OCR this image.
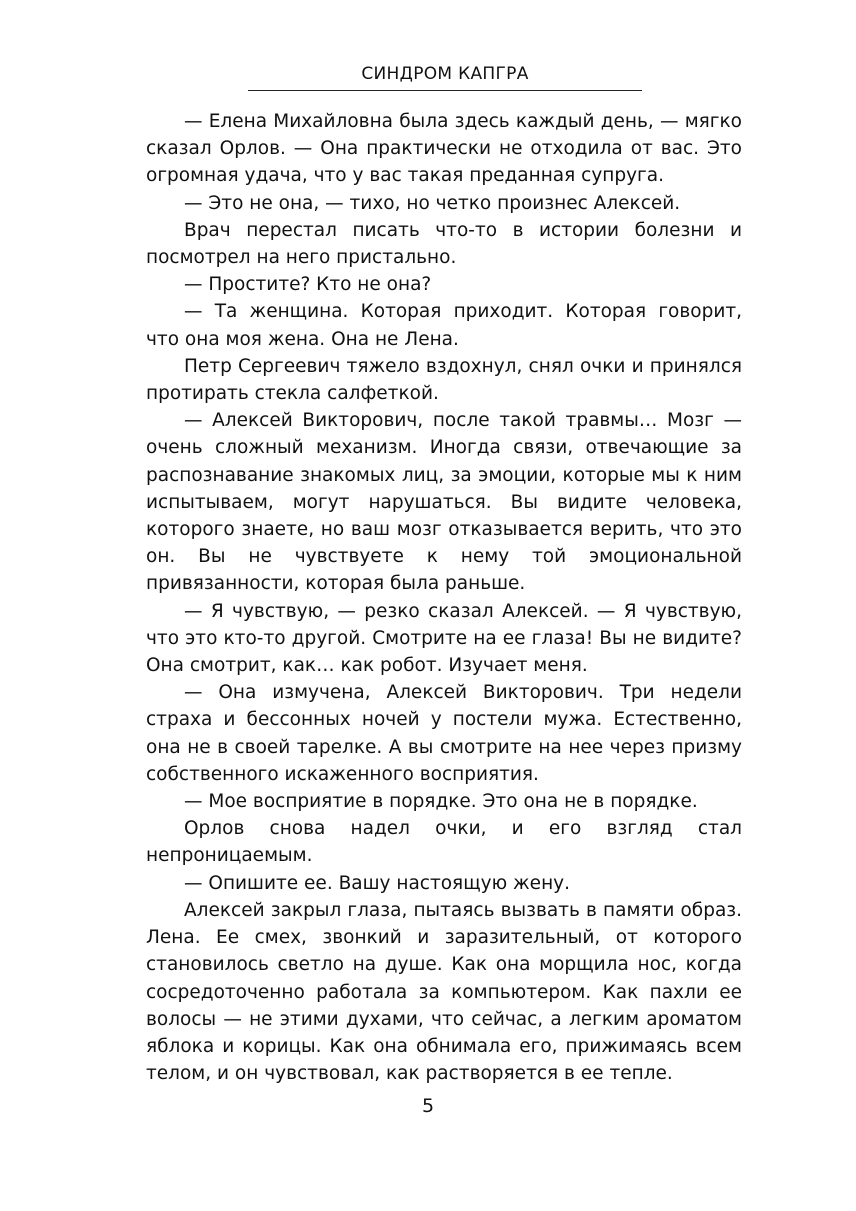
СИНДРОМ КАПГРА

— Елена Михайловна была здесь каждый день, — мягко сказал Орлов. — Она практически не отходила от вас. Это огромная удача, что у вас такая преданная супруга.

— Это не она, — тихо, но четко произнес Алексей.

Врач перестал писать что-то в истории болезни и посмотрел на него пристально.

— Простите? Кто не она?

— Та женщина. Которая приходит. Которая говорит, что она моя жена. Она не Лена.

Петр Сергеевич тяжело вздохнул, снял очки и принялся протирать стекла салфеткой.

— Алексей Викторович, после такой травмы… Мозг — очень сложный механизм. Иногда связи, отвечающие за распознавание знакомых лиц, за эмоции, которые мы к ним испытываем, могут нарушаться. Вы видите человека, которого знаете, но ваш мозг отказывается верить, что это он. Вы не чувствуете к нему той эмоциональной привязанности, которая была раньше.

— Я чувствую, — резко сказал Алексей. — Я чувствую, что это кто-то другой. Смотрите на ее глаза! Вы не видите? Она смотрит, как… как робот. Изучает меня.

— Она измучена, Алексей Викторович. Три недели страха и бессонных ночей у постели мужа. Естественно, она не в своей тарелке. А вы смотрите на нее через призму собственного искаженного восприятия.

— Мое восприятие в порядке. Это она не в порядке.

Орлов снова надел очки, и его взгляд стал непроницаемым.

— Опишите ее. Вашу настоящую жену.

Алексей закрыл глаза, пытаясь вызвать в памяти образ. Лена. Ее смех, звонкий и заразительный, от которого становилось светло на душе. Как она морщила нос, когда сосредоточенно работала за компьютером. Как пахли ее волосы — не этими духами, что сейчас, а легким ароматом яблока и корицы. Как она обнимала его, прижимаясь всем телом, и он чувствовал, как растворяется в ее тепле.

5
